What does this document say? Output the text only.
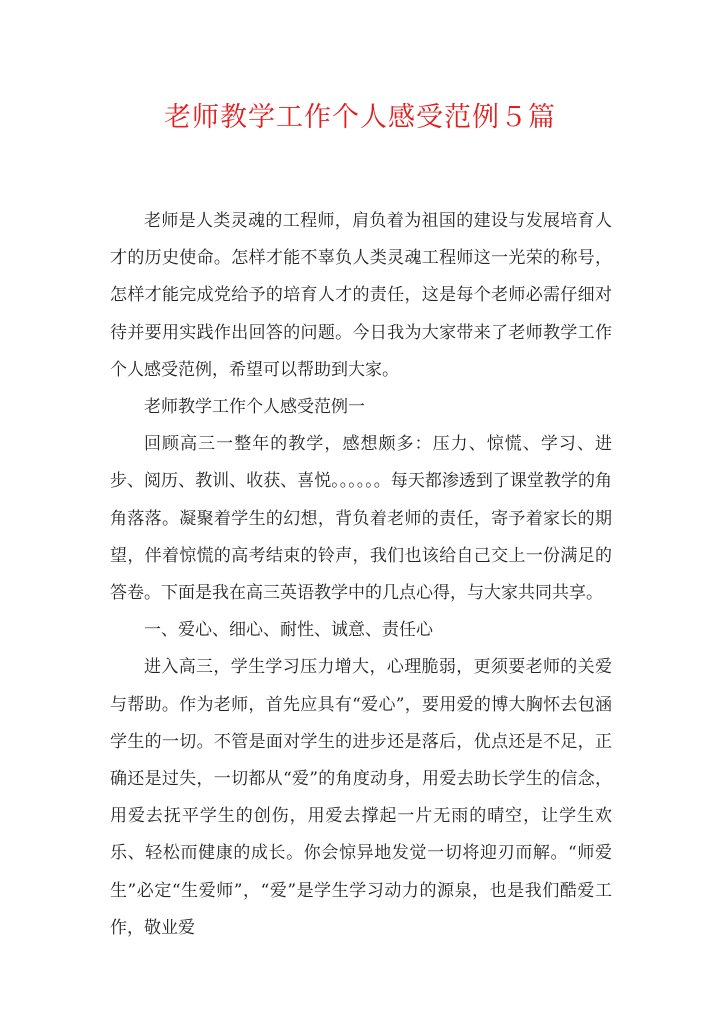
老师教学工作个人感受范例５篇

老师是人类灵魂的工程师，肩负着为祖国的建设与发展培育人才的历史使命。怎样才能不辜负人类灵魂工程师这一光荣的称号，怎样才能完成党给予的培育人才的责任，这是每个老师必需仔细对待并要用实践作出回答的问题。今日我为大家带来了老师教学工作个人感受范例，希望可以帮助到大家。

老师教学工作个人感受范例一

回顾高三一整年的教学，感想颇多：压力、惊慌、学习、进步、阅历、教训、收获、喜悦。。。。。。每天都渗透到了课堂教学的角角落落。凝聚着学生的幻想，背负着老师的责任，寄予着家长的期望，伴着惊慌的高考结束的铃声，我们也该给自己交上一份满足的答卷。下面是我在高三英语教学中的几点心得，与大家共同共享。

一、爱心、细心、耐性、诚意、责任心

进入高三，学生学习压力增大，心理脆弱，更须要老师的关爱与帮助。作为老师，首先应具有“爱心”，要用爱的博大胸怀去包涵学生的一切。不管是面对学生的进步还是落后，优点还是不足，正确还是过失，一切都从“爱”的角度动身，用爱去助长学生的信念，用爱去抚平学生的创伤，用爱去撑起一片无雨的晴空，让学生欢乐、轻松而健康的成长。你会惊异地发觉一切将迎刃而解。“师爱生”必定“生爱师”，“爱”是学生学习动力的源泉，也是我们酷爱工作，敬业爱
